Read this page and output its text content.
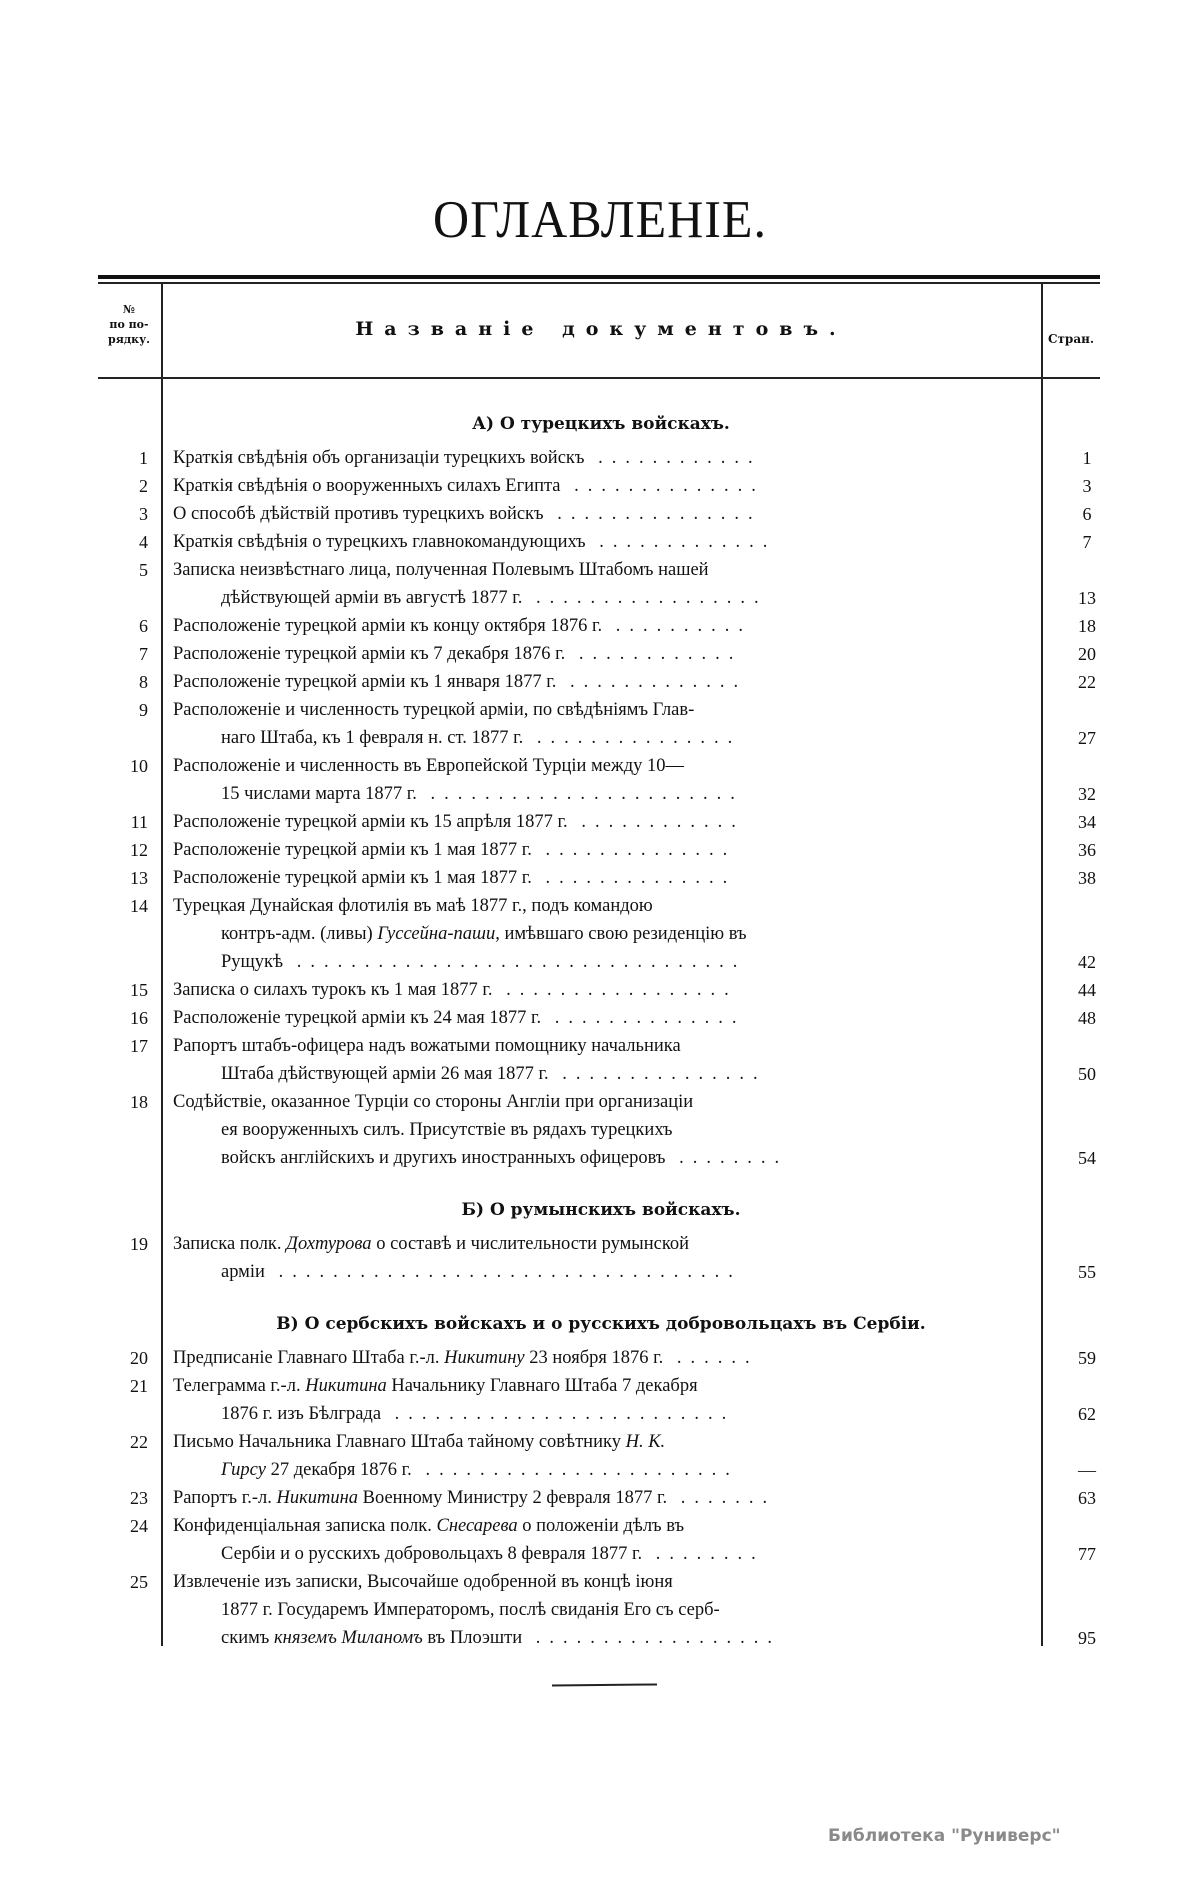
ОГЛАВЛЕНІЕ.
№
по по-
рядку.	Названіе документовъ.	Стран.
А) О турецкихъ войскахъ.
1 Краткія свѣдѣнія объ организаціи турецкихъ войскъ ............	1
2 Краткія свѣдѣнія о вооруженныхъ силахъ Египта ..............	3
3 О способѣ дѣйствій противъ турецкихъ войскъ ...............	6
4 Краткія свѣдѣнія о турецкихъ главнокомандующихъ .............	7
5 Записка неизвѣстнаго лица, полученная Полевымъ Штабомъ нашей

дѣйствующей арміи въ августѣ 1877 г. .................	13
6 Расположеніе турецкой арміи къ концу октября 1876 г. ..........	18
7 Расположеніе турецкой арміи къ 7 декабря 1876 г. ............	20
8 Расположеніе турецкой арміи къ 1 января 1877 г. .............	22
9 Расположеніе и численность турецкой арміи, по свѣдѣніямъ Глав-

наго Штаба, къ 1 февраля н. ст. 1877 г. ...............	27
10 Расположеніе и численность въ Европейской Турціи между 10—

15 числами марта 1877 г. .......................	32
11 Расположеніе турецкой арміи къ 15 апрѣля 1877 г. ............	34
12 Расположеніе турецкой арміи къ 1 мая 1877 г. ..............	36
13 Расположеніе турецкой арміи къ 1 мая 1877 г. ..............	38
14 Турецкая Дунайская флотилія въ маѣ 1877 г., подъ командою

контръ-адм. (ливы) Гуссейна-паши, имѣвшаго свою резиденцію въ
Рущукѣ .................................	42
15 Записка о силахъ турокъ къ 1 мая 1877 г. .................	44
16 Расположеніе турецкой арміи къ 24 мая 1877 г. ..............	48
17 Рапортъ штабъ-офицера надъ вожатыми помощнику начальника

Штаба дѣйствующей арміи 26 мая 1877 г. ...............	50
18 Содѣйствіе, оказанное Турціи со стороны Англіи при организаціи

ея вооруженныхъ силъ. Присутствіе въ рядахъ турецкихъ
войскъ англійскихъ и другихъ иностранныхъ офицеровъ ........	54
Б) О румынскихъ войскахъ.
19 Записка полк. Дохтурова о составѣ и числительности румынской

арміи ..................................	55
В) О сербскихъ войскахъ и о русскихъ добровольцахъ въ Сербіи.
20 Предписаніе Главнаго Штаба г.-л. Никитину 23 ноября 1876 г. ......	59
21 Телеграмма г.-л. Никитина Начальнику Главнаго Штаба 7 декабря

1876 г. изъ Бѣлграда .........................	62
22 Письмо Начальника Главнаго Штаба тайному совѣтнику Н. К.

Гирсу 27 декабря 1876 г. .......................	—
23 Рапортъ г.-л. Никитина Военному Министру 2 февраля 1877 г. .......	63
24 Конфиденціальная записка полк. Снесарева о положеніи дѣлъ въ

Сербіи и о русскихъ добровольцахъ 8 февраля 1877 г. ........	77
25 Извлеченіе изъ записки, Высочайше одобренной въ концѣ іюня

1877 г. Государемъ Императоромъ, послѣ свиданія Его съ серб-
скимъ княземъ Миланомъ въ Плоэшти ..................	95
Библиотека "Руниверс"
